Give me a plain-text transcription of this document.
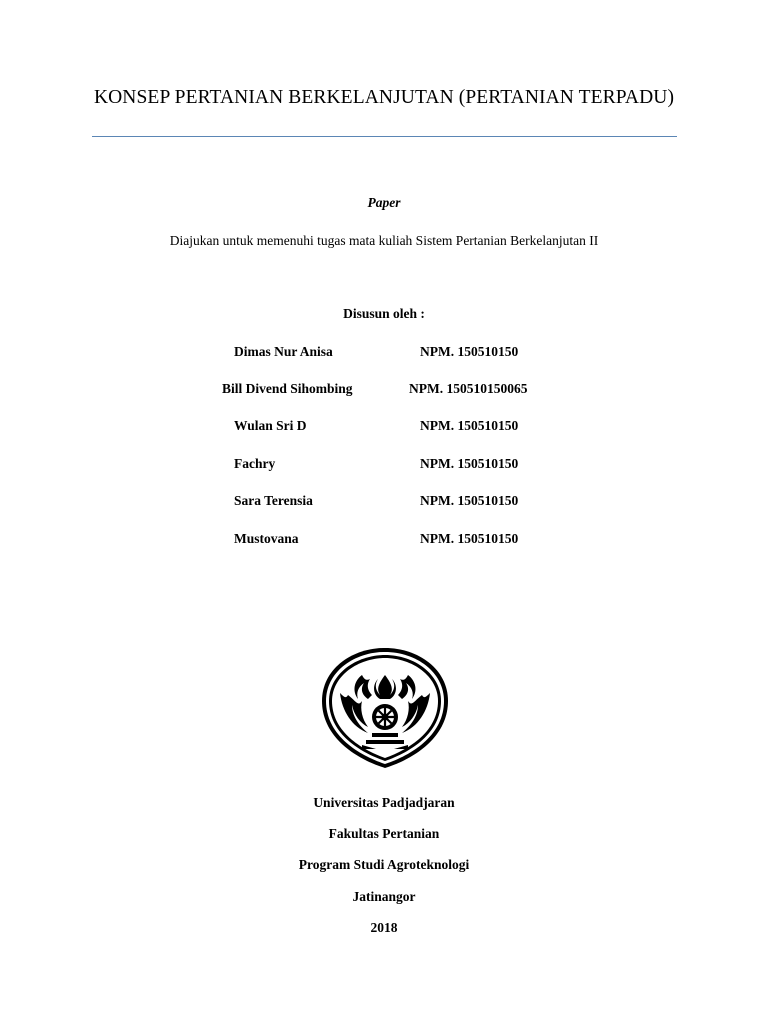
KONSEP PERTANIAN BERKELANJUTAN (PERTANIAN TERPADU)
Paper
Diajukan untuk memenuhi tugas mata kuliah Sistem Pertanian Berkelanjutan II
Disusun oleh :
Dimas Nur Anisa	NPM. 150510150
Bill Divend Sihombing	NPM. 150510150065
Wulan Sri D	NPM. 150510150
Fachry	NPM. 150510150
Sara Terensia	NPM. 150510150
Mustovana	NPM. 150510150
Universitas Padjadjaran
Fakultas Pertanian
Program Studi Agroteknologi
Jatinangor
2018
